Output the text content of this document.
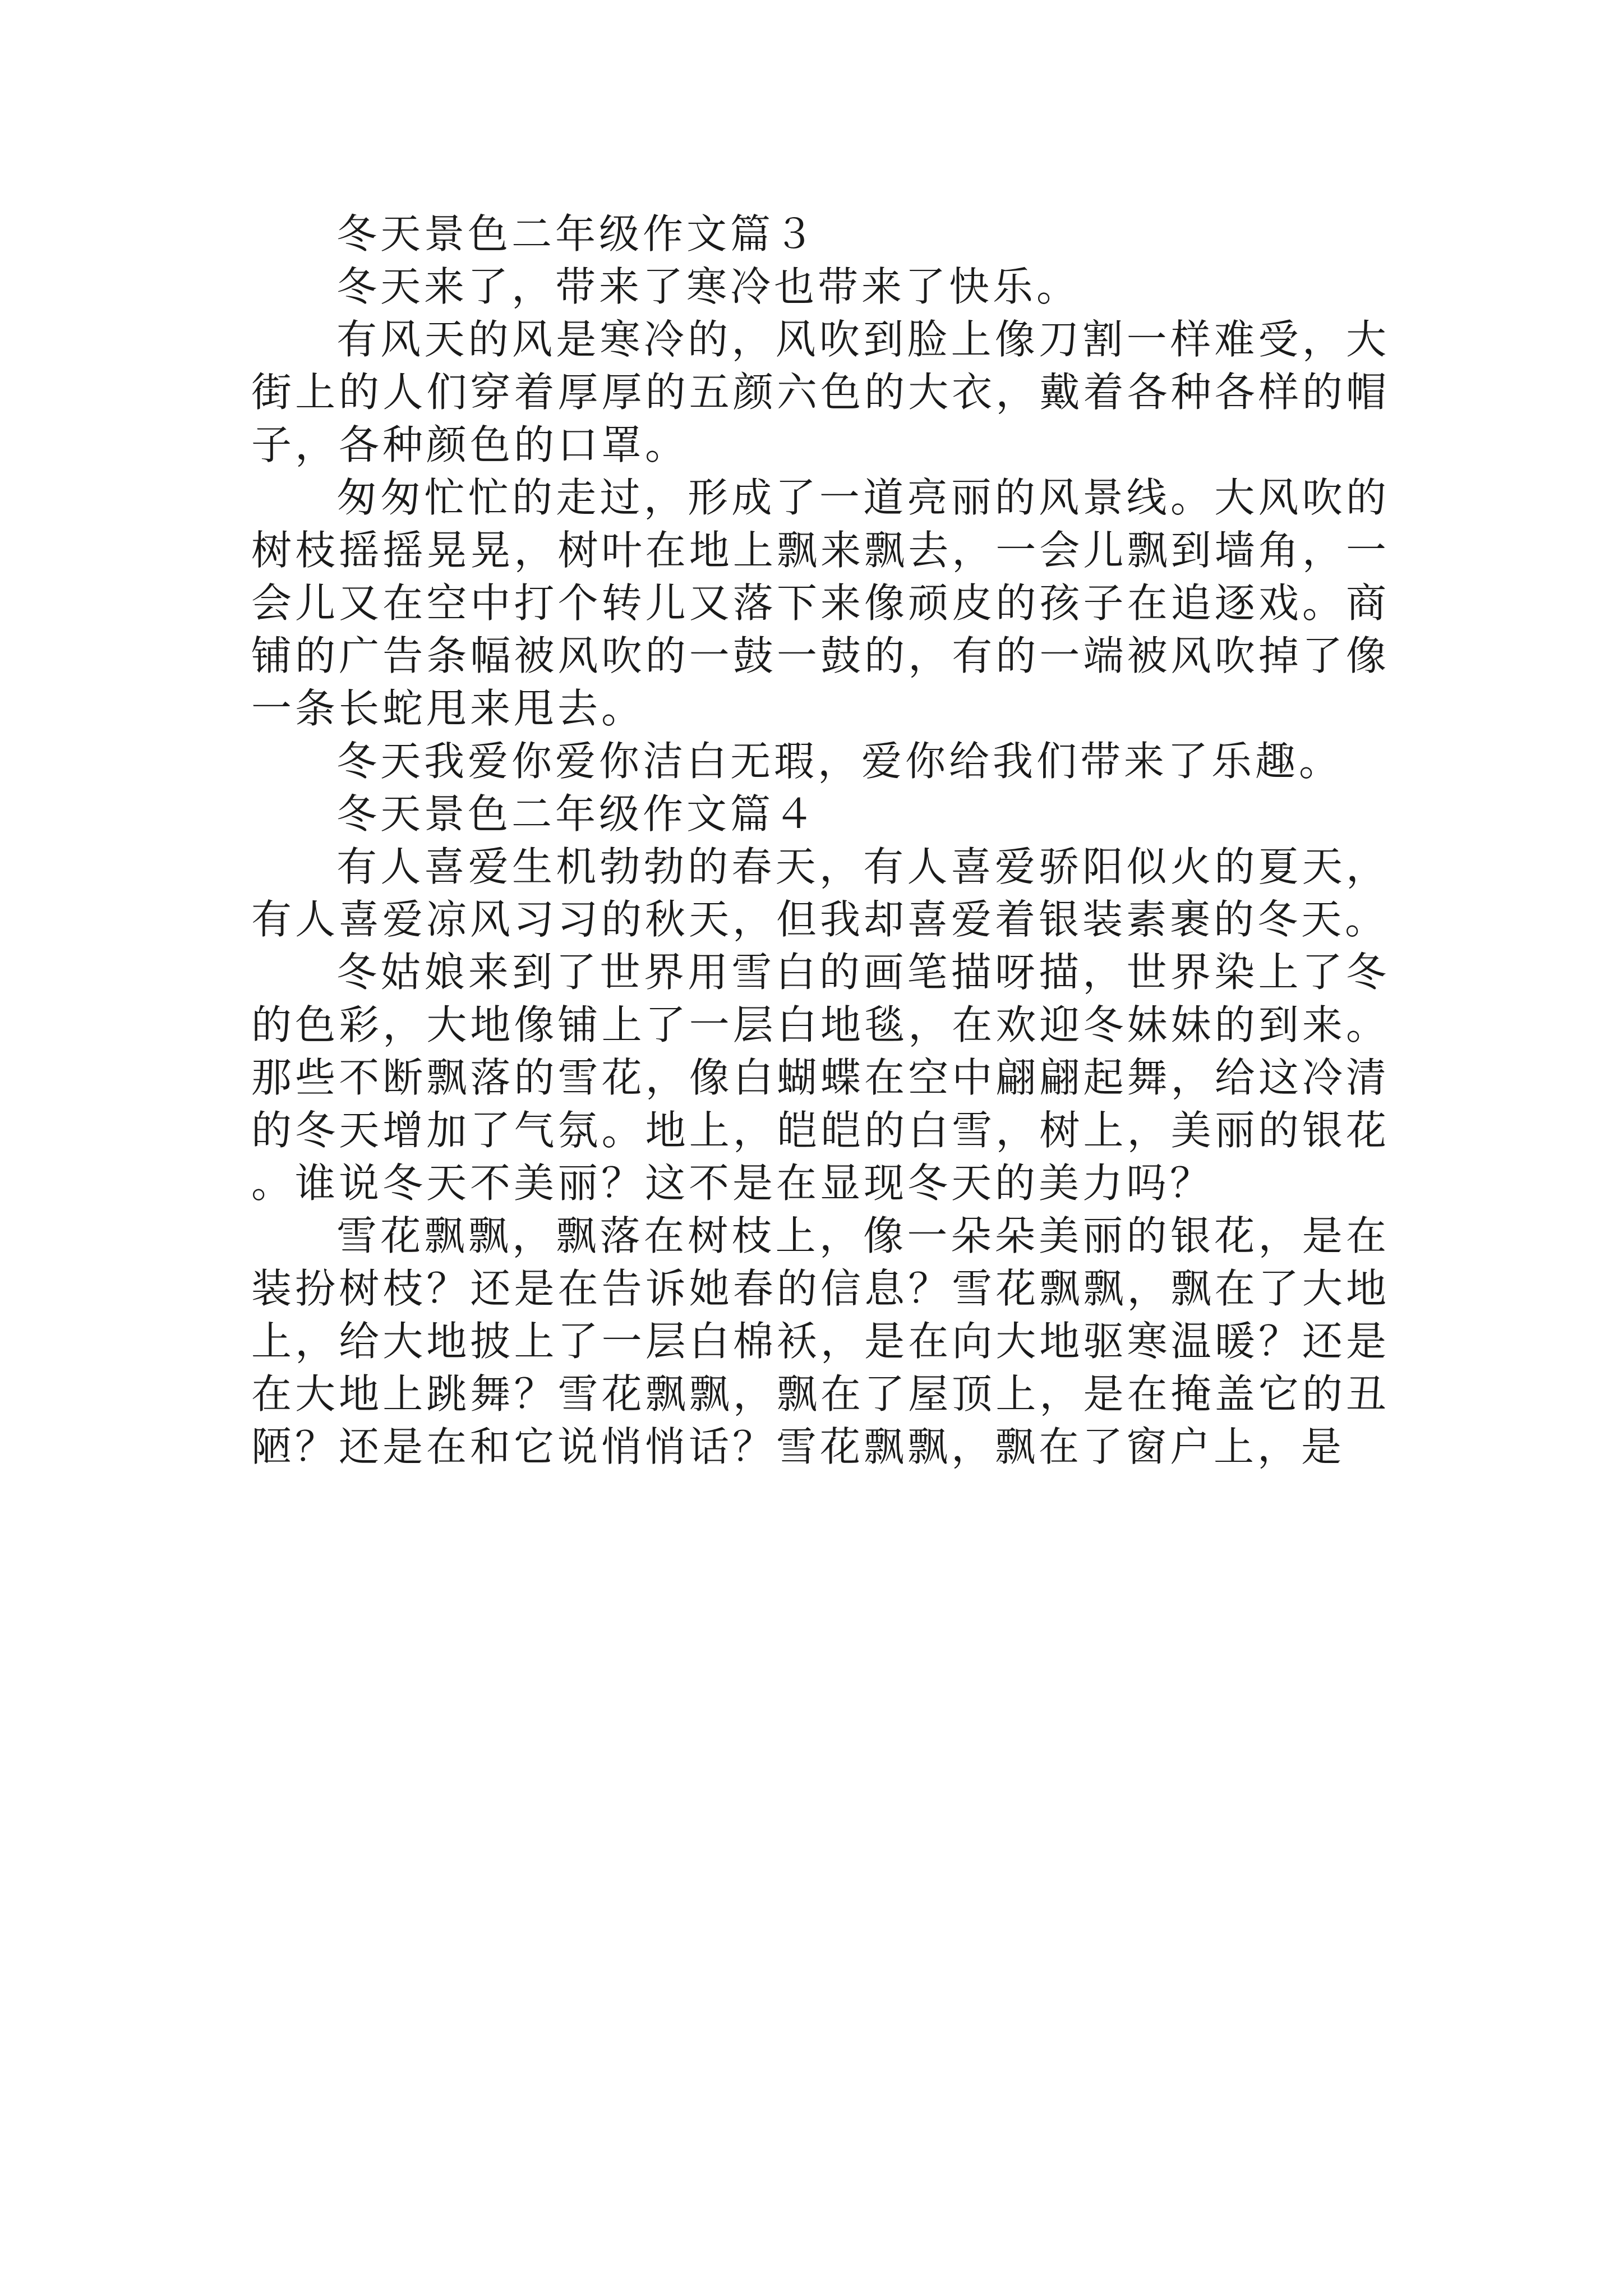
冬天景色二年级作文篇３

冬天来了，带来了寒冷也带来了快乐。

有风天的风是寒冷的，风吹到脸上像刀割一样难受，大街上的人们穿着厚厚的五颜六色的大衣，戴着各种各样的帽子，各种颜色的口罩。

匆匆忙忙的走过，形成了一道亮丽的风景线。大风吹的树枝摇摇晃晃，树叶在地上飘来飘去，一会儿飘到墙角，一会儿又在空中打个转儿又落下来像顽皮的孩子在追逐戏。商铺的广告条幅被风吹的一鼓一鼓的，有的一端被风吹掉了像一条长蛇甩来甩去。

冬天我爱你爱你洁白无瑕，爱你给我们带来了乐趣。

冬天景色二年级作文篇４

有人喜爱生机勃勃的春天，有人喜爱骄阳似火的夏天，有人喜爱凉风习习的秋天，但我却喜爱着银装素裹的冬天。

冬姑娘来到了世界用雪白的画笔描呀描，世界染上了冬的色彩，大地像铺上了一层白地毯，在欢迎冬妹妹的到来。那些不断飘落的雪花，像白蝴蝶在空中翩翩起舞，给这冷清的冬天增加了气氛。地上，皑皑的白雪，树上，美丽的银花。谁说冬天不美丽？这不是在显现冬天的美力吗？

雪花飘飘，飘落在树枝上，像一朵朵美丽的银花，是在装扮树枝？还是在告诉她春的信息？雪花飘飘，飘在了大地上，给大地披上了一层白棉袄，是在向大地驱寒温暖？还是在大地上跳舞？雪花飘飘，飘在了屋顶上，是在掩盖它的丑陋？还是在和它说悄悄话？雪花飘飘，飘在了窗户上，是
